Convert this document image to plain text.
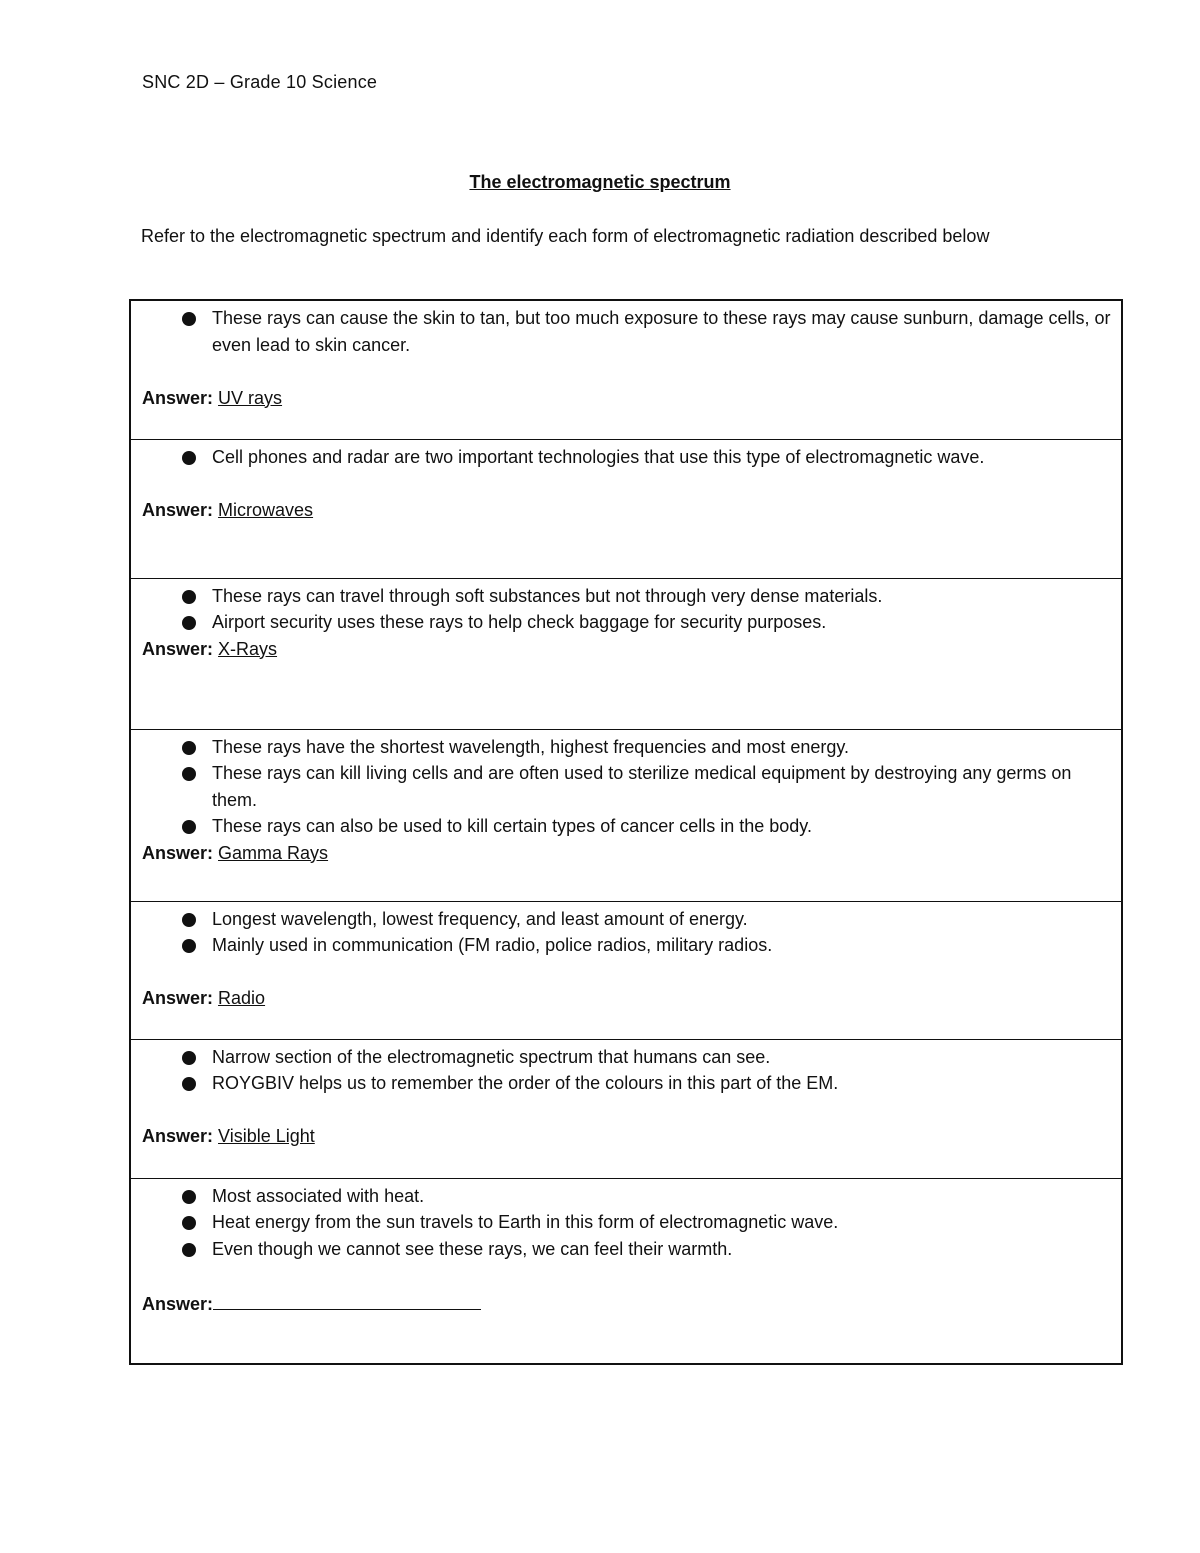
SNC 2D – Grade 10 Science
The electromagnetic spectrum
Refer to the electromagnetic spectrum and identify each form of electromagnetic radiation described below
These rays can cause the skin to tan, but too much exposure to these rays may cause sunburn, damage cells, or even lead to skin cancer.

Answer: UV rays

Cell phones and radar are two important technologies that use this type of electromagnetic wave.

Answer: Microwaves

These rays can travel through soft substances but not through very dense materials.
Airport security uses these rays to help check baggage for security purposes.

Answer: X-Rays

These rays have the shortest wavelength, highest frequencies and most energy.
These rays can kill living cells and are often used to sterilize medical equipment by destroying any germs on them.
These rays can also be used to kill certain types of cancer cells in the body.

Answer: Gamma Rays

Longest wavelength, lowest frequency, and least amount of energy.
Mainly used in communication (FM radio, police radios, military radios.

Answer: Radio

Narrow section of the electromagnetic spectrum that humans can see.
ROYGBIV helps us to remember the order of the colours in this part of the EM.

Answer: Visible Light

Most associated with heat.
Heat energy from the sun travels to Earth in this form of electromagnetic wave.
Even though we cannot see these rays, we can feel their warmth.

Answer:
